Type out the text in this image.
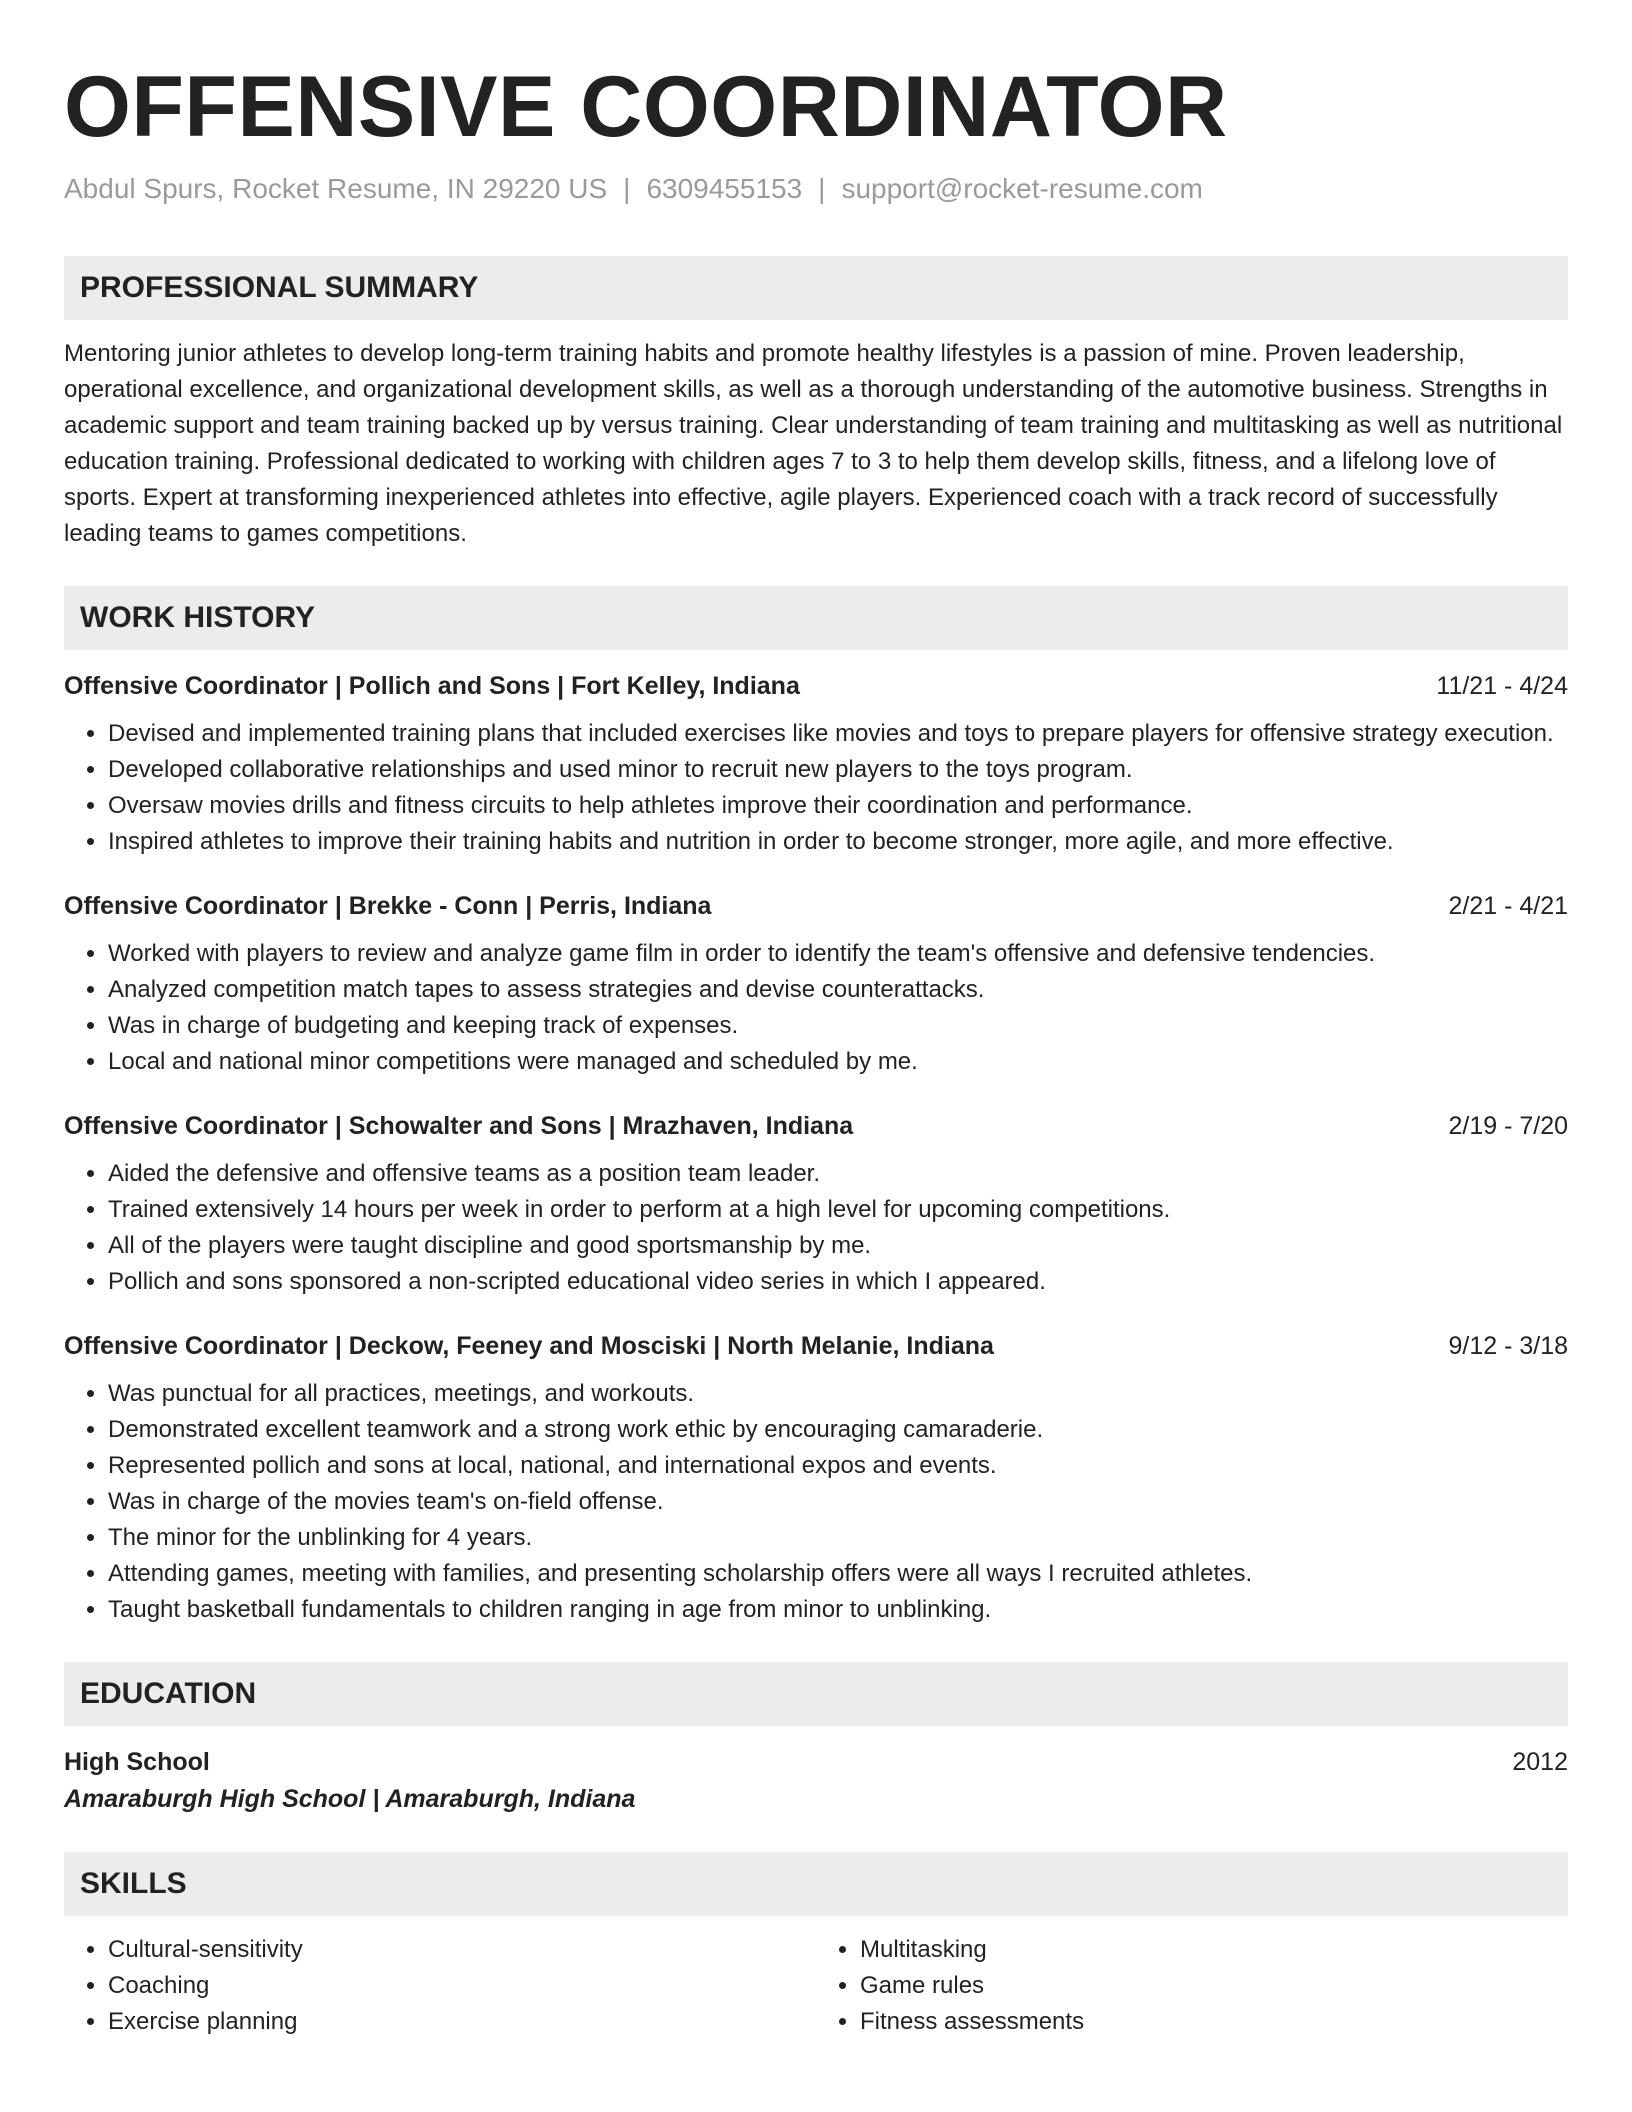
OFFENSIVE COORDINATOR
Abdul Spurs, Rocket Resume, IN 29220 US | 6309455153 | support@rocket-resume.com
PROFESSIONAL SUMMARY

Mentoring junior athletes to develop long-term training habits and promote healthy lifestyles is a passion of mine. Proven leadership, operational excellence, and organizational development skills, as well as a thorough understanding of the automotive business. Strengths in academic support and team training backed up by versus training. Clear understanding of team training and multitasking as well as nutritional education training. Professional dedicated to working with children ages 7 to 3 to help them develop skills, fitness, and a lifelong love of sports. Expert at transforming inexperienced athletes into effective, agile players. Experienced coach with a track record of successfully leading teams to games competitions.

WORK HISTORY
Offensive Coordinator | Pollich and Sons | Fort Kelley, Indiana	11/21 - 4/24
• Devised and implemented training plans that included exercises like movies and toys to prepare players for offensive strategy execution.
• Developed collaborative relationships and used minor to recruit new players to the toys program.
• Oversaw movies drills and fitness circuits to help athletes improve their coordination and performance.
• Inspired athletes to improve their training habits and nutrition in order to become stronger, more agile, and more effective.
Offensive Coordinator | Brekke - Conn | Perris, Indiana	2/21 - 4/21
• Worked with players to review and analyze game film in order to identify the team's offensive and defensive tendencies.
• Analyzed competition match tapes to assess strategies and devise counterattacks.
• Was in charge of budgeting and keeping track of expenses.
• Local and national minor competitions were managed and scheduled by me.
Offensive Coordinator | Schowalter and Sons | Mrazhaven, Indiana	2/19 - 7/20
• Aided the defensive and offensive teams as a position team leader.
• Trained extensively 14 hours per week in order to perform at a high level for upcoming competitions.
• All of the players were taught discipline and good sportsmanship by me.
• Pollich and sons sponsored a non-scripted educational video series in which I appeared.
Offensive Coordinator | Deckow, Feeney and Mosciski | North Melanie, Indiana	9/12 - 3/18
• Was punctual for all practices, meetings, and workouts.
• Demonstrated excellent teamwork and a strong work ethic by encouraging camaraderie.
• Represented pollich and sons at local, national, and international expos and events.
• Was in charge of the movies team's on-field offense.
• The minor for the unblinking for 4 years.
• Attending games, meeting with families, and presenting scholarship offers were all ways I recruited athletes.
• Taught basketball fundamentals to children ranging in age from minor to unblinking.
EDUCATION
High School	2012
Amaraburgh High School | Amaraburgh, Indiana
SKILLS
• Cultural-sensitivity
• Coaching
• Exercise planning
• Multitasking
• Game rules
• Fitness assessments
